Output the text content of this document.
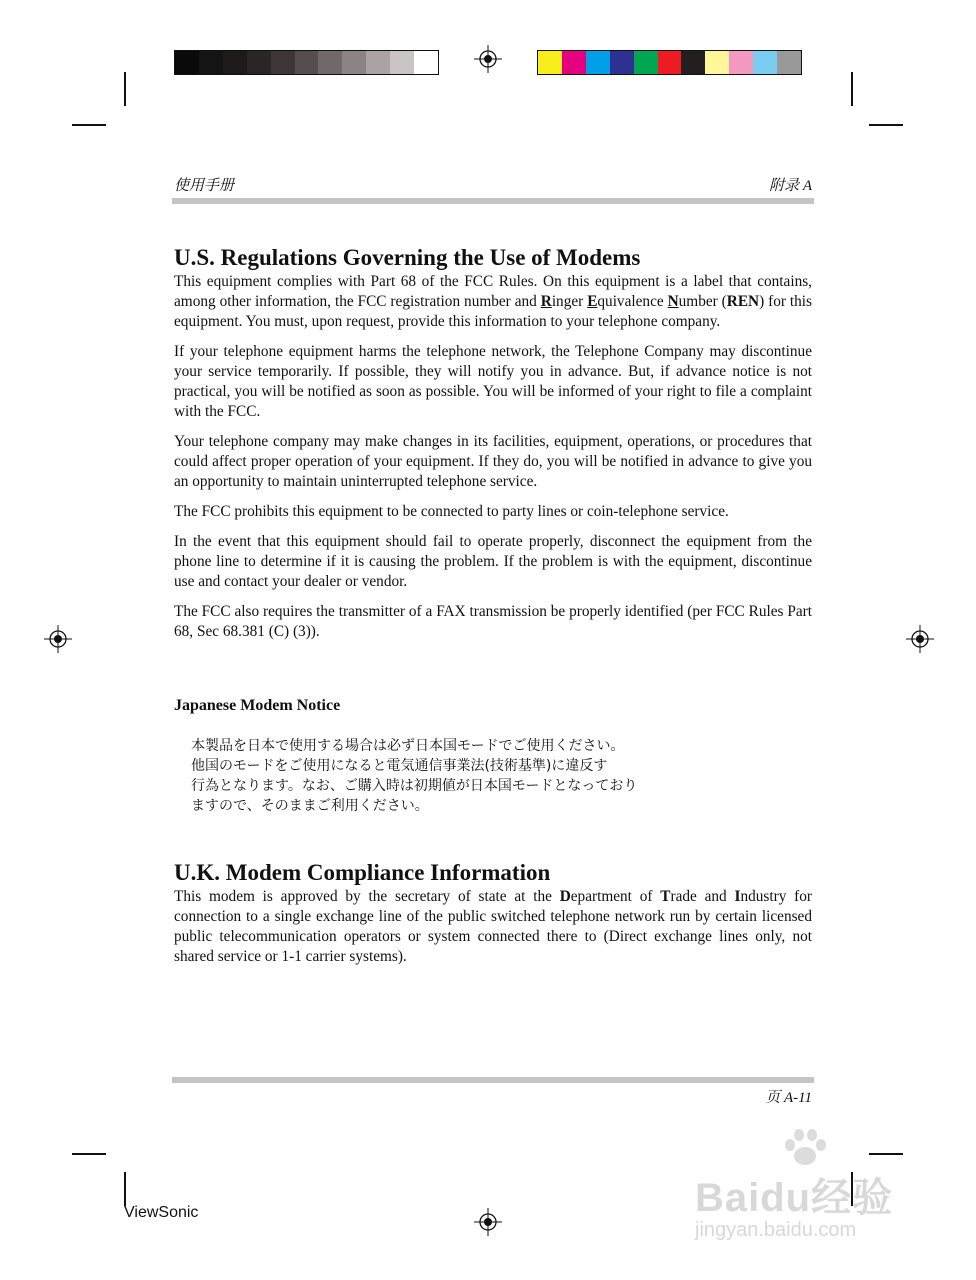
使用手册	附录 A
U.S. Regulations Governing the Use of Modems

This equipment complies with Part 68 of the FCC Rules. On this equipment is a label that contains, among other information, the FCC registration number and Ringer Equivalence Number (REN) for this equipment. You must, upon request, provide this information to your telephone company.

If your telephone equipment harms the telephone network, the Telephone Company may discontinue your service temporarily. If possible, they will notify you in advance. But, if advance notice is not practical, you will be notified as soon as possible. You will be informed of your right to file a complaint with the FCC.

Your telephone company may make changes in its facilities, equipment, operations, or procedures that could affect proper operation of your equipment. If they do, you will be notified in advance to give you an opportunity to maintain uninterrupted telephone service.

The FCC prohibits this equipment to be connected to party lines or coin-telephone service.

In the event that this equipment should fail to operate properly, disconnect the equipment from the phone line to determine if it is causing the problem. If the problem is with the equipment, discontinue use and contact your dealer or vendor.

The FCC also requires the transmitter of a FAX transmission be properly identified (per FCC Rules Part 68, Sec 68.381 (C) (3)).

Japanese Modem Notice
本製品を日本で使用する場合は必ず日本国モードでご使用ください。
他国のモードをご使用になると電気通信事業法(技術基準)に違反す
行為となります。なお、ご購入時は初期値が日本国モードとなっており
ますので、そのままご利用ください。
U.K. Modem Compliance Information

This modem is approved by the secretary of state at the Department of Trade and Industry for connection to a single exchange line of the public switched telephone network run by certain licensed public telecommunication operators or system connected there to (Direct exchange lines only, not shared service or 1-1 carrier systems).

页 A-11
ViewSonic	Baidu经验
jingyan.baidu.com
